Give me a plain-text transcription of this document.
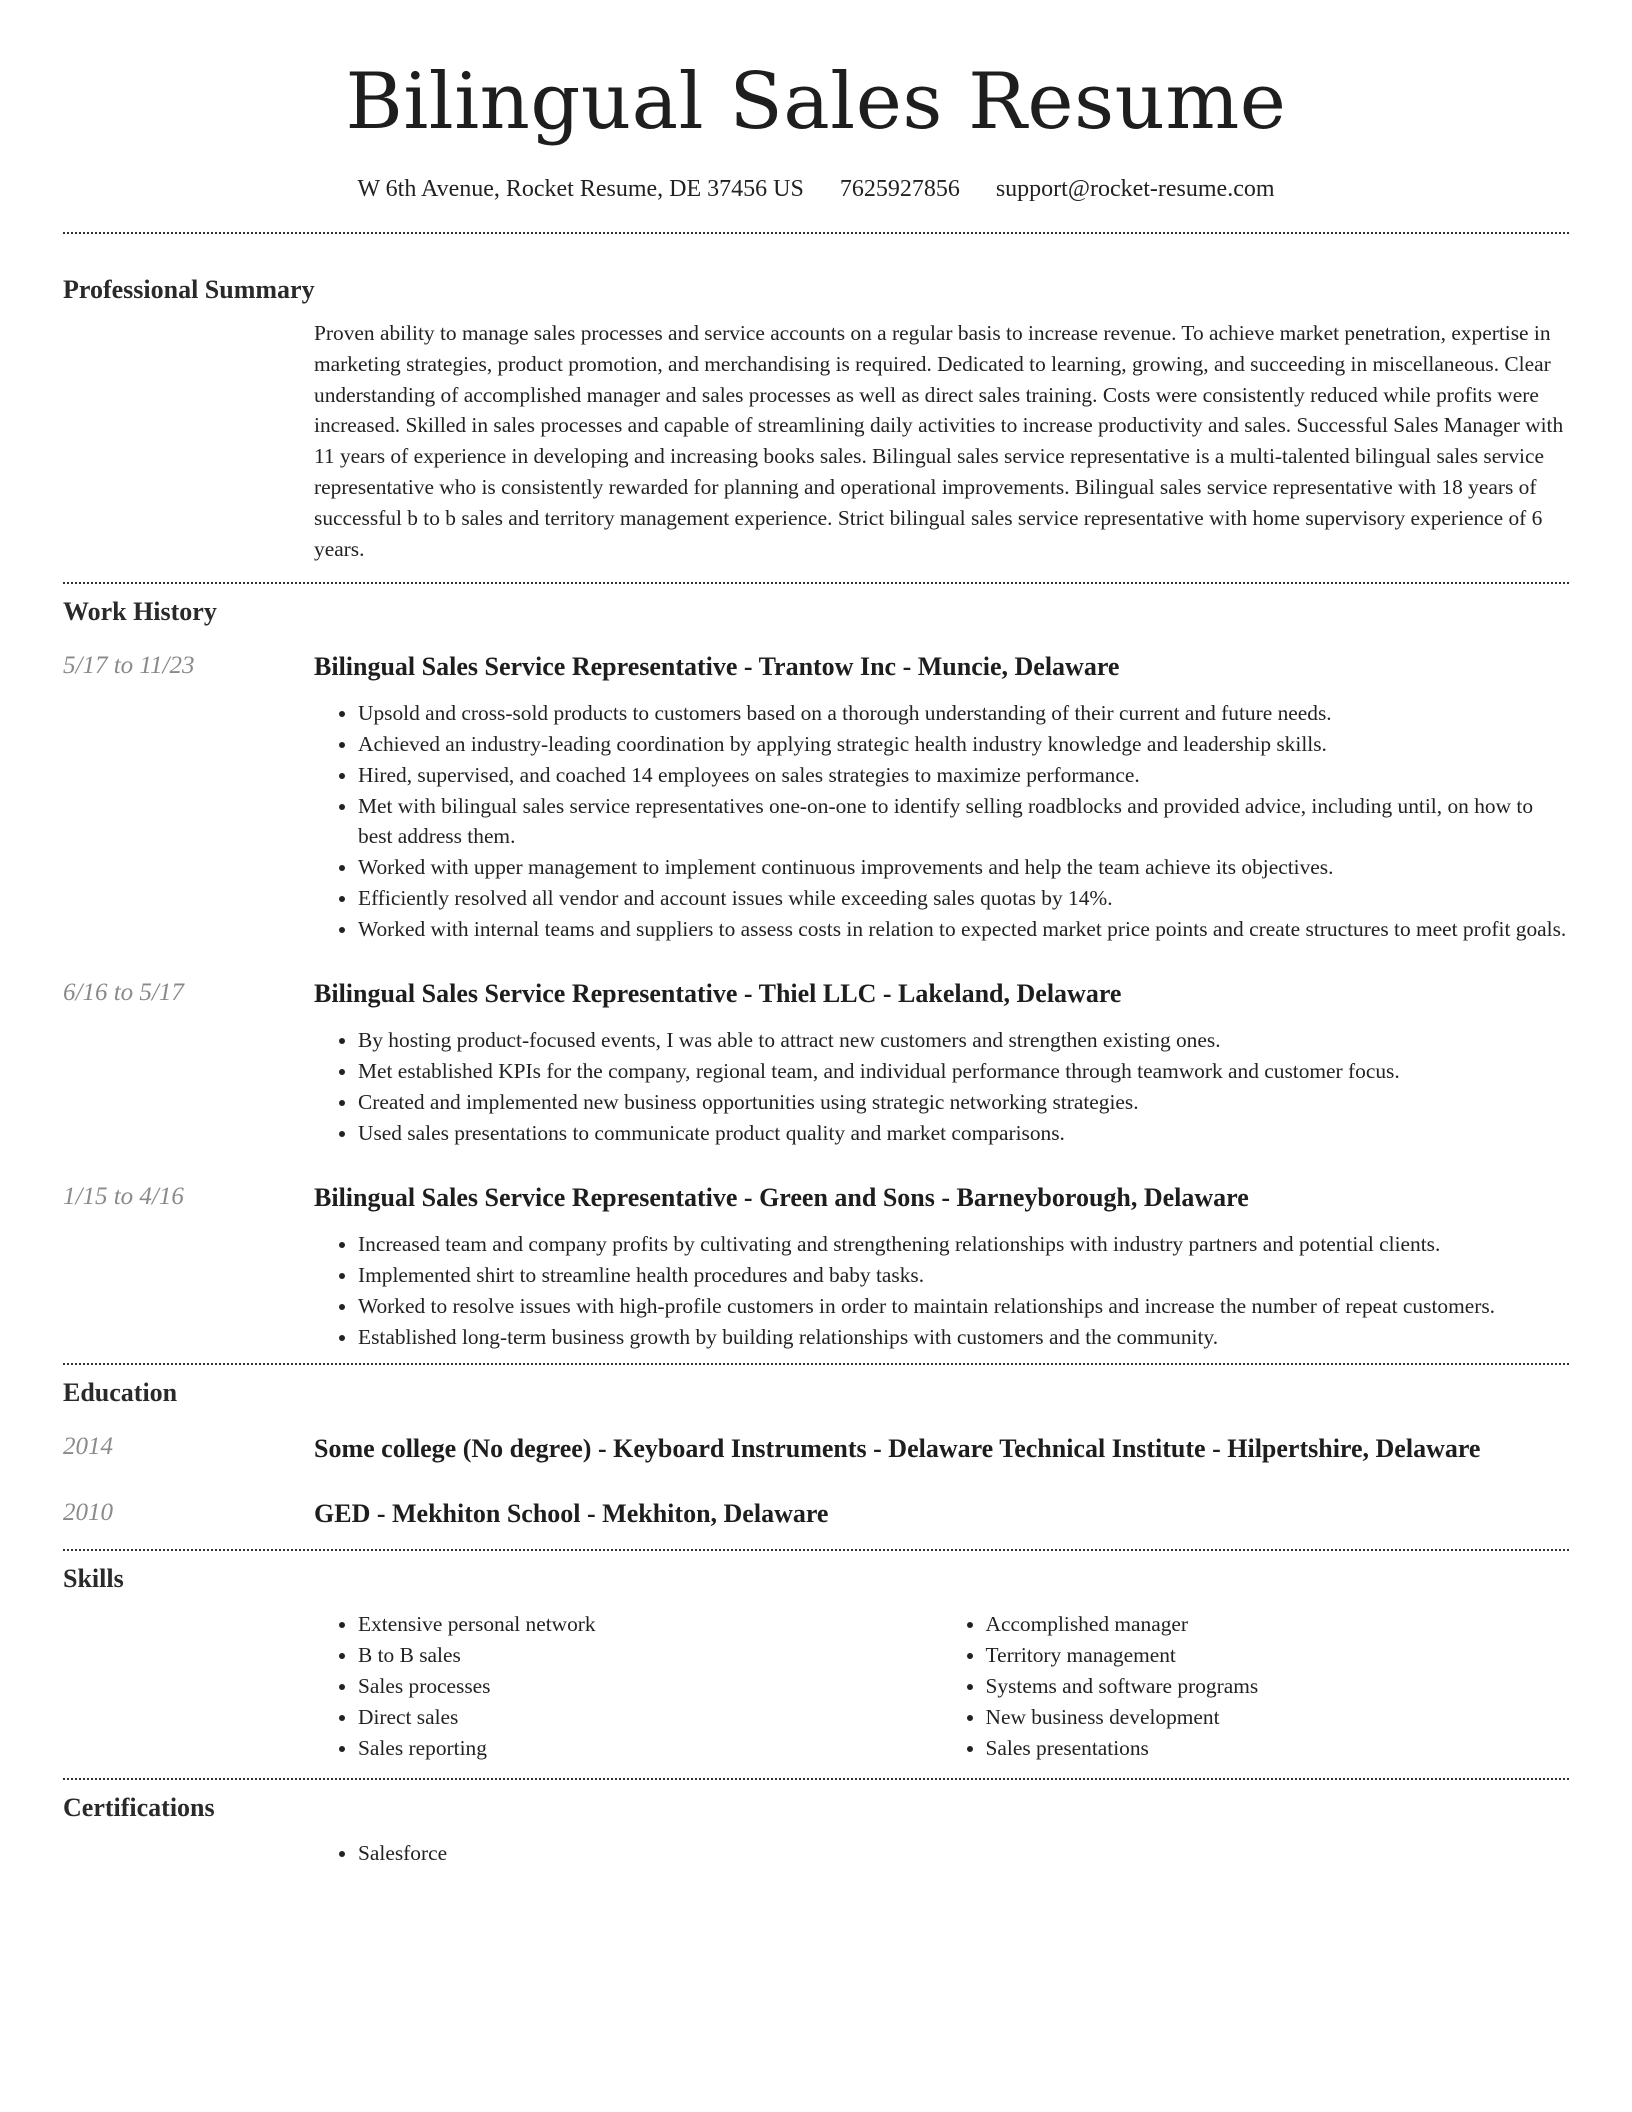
Bilingual Sales Resume
W 6th Avenue, Rocket Resume, DE 37456 US 7625927856 support@rocket-resume.com
Professional Summary

Proven ability to manage sales processes and service accounts on a regular basis to increase revenue. To achieve market penetration, expertise in marketing strategies, product promotion, and merchandising is required. Dedicated to learning, growing, and succeeding in miscellaneous. Clear understanding of accomplished manager and sales processes as well as direct sales training. Costs were consistently reduced while profits were increased. Skilled in sales processes and capable of streamlining daily activities to increase productivity and sales. Successful Sales Manager with 11 years of experience in developing and increasing books sales. Bilingual sales service representative is a multi-talented bilingual sales service representative who is consistently rewarded for planning and operational improvements. Bilingual sales service representative with 18 years of successful b to b sales and territory management experience. Strict bilingual sales service representative with home supervisory experience of 6 years.

Work History
5/17 to 11/23	Bilingual Sales Service Representative - Trantow Inc - Muncie, Delaware
• Upsold and cross-sold products to customers based on a thorough understanding of their current and future needs.
• Achieved an industry-leading coordination by applying strategic health industry knowledge and leadership skills.
• Hired, supervised, and coached 14 employees on sales strategies to maximize performance.
• Met with bilingual sales service representatives one-on-one to identify selling roadblocks and provided advice, including until, on how to best address them.
• Worked with upper management to implement continuous improvements and help the team achieve its objectives.
• Efficiently resolved all vendor and account issues while exceeding sales quotas by 14%.
• Worked with internal teams and suppliers to assess costs in relation to expected market price points and create structures to meet profit goals.
6/16 to 5/17	Bilingual Sales Service Representative - Thiel LLC - Lakeland, Delaware
• By hosting product-focused events, I was able to attract new customers and strengthen existing ones.
• Met established KPIs for the company, regional team, and individual performance through teamwork and customer focus.
• Created and implemented new business opportunities using strategic networking strategies.
• Used sales presentations to communicate product quality and market comparisons.
1/15 to 4/16	Bilingual Sales Service Representative - Green and Sons - Barneyborough, Delaware
• Increased team and company profits by cultivating and strengthening relationships with industry partners and potential clients.
• Implemented shirt to streamline health procedures and baby tasks.
• Worked to resolve issues with high-profile customers in order to maintain relationships and increase the number of repeat customers.
• Established long-term business growth by building relationships with customers and the community.
Education
2014	Some college (No degree) - Keyboard Instruments - Delaware Technical Institute - Hilpertshire, Delaware
2010	GED - Mekhiton School - Mekhiton, Delaware
Skills
• Extensive personal network
• B to B sales
• Sales processes
• Direct sales
• Sales reporting
• Accomplished manager
• Territory management
• Systems and software programs
• New business development
• Sales presentations
Certifications
• Salesforce
